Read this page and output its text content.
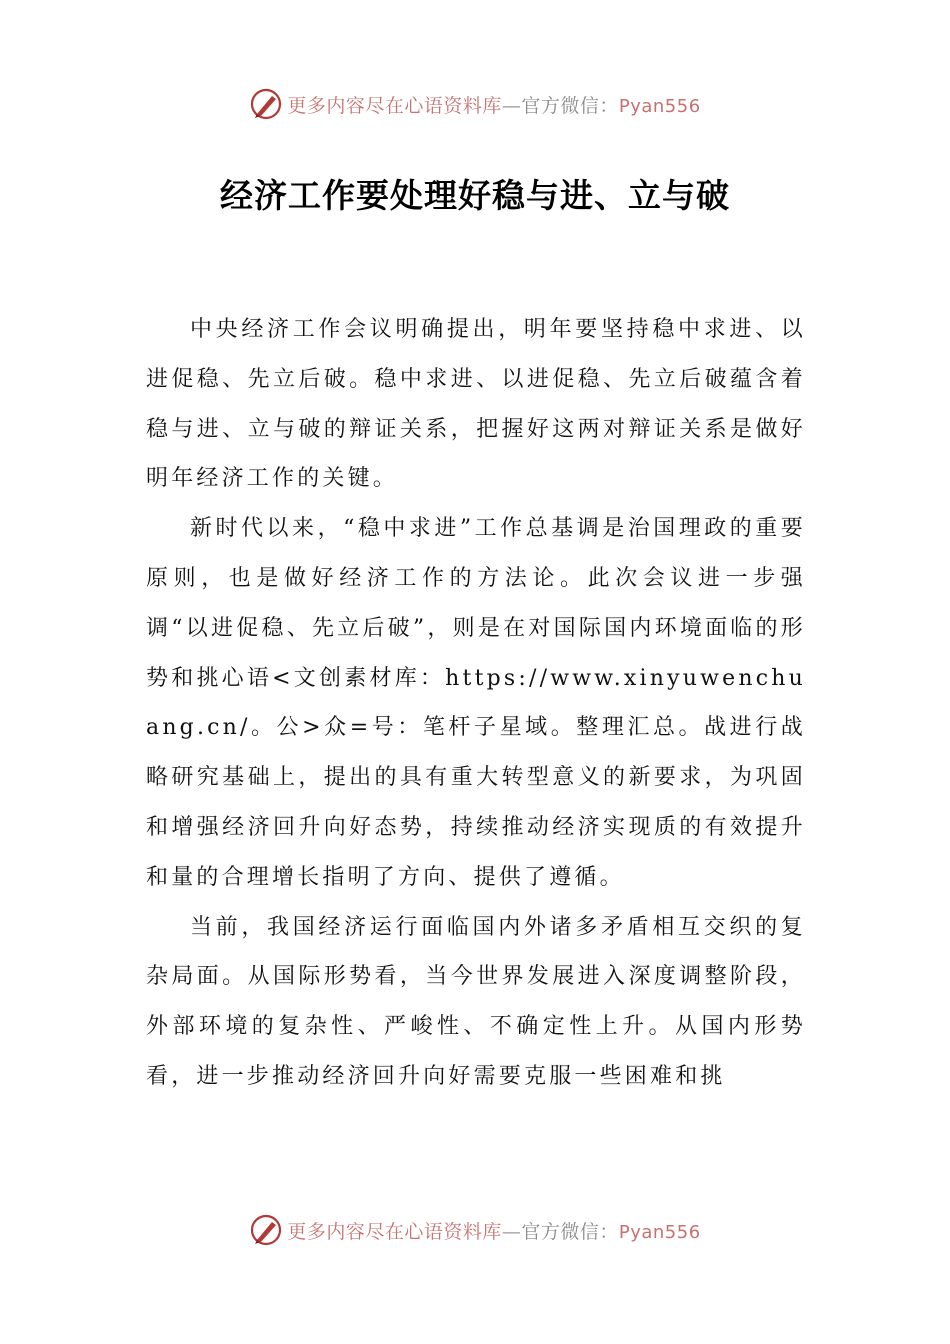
更多内容尽在心语资料库—官方微信：Pyan556
经济工作要处理好稳与进、立与破

中央经济工作会议明确提出，明年要坚持稳中求进、以进促稳、先立后破。稳中求进、以进促稳、先立后破蕴含着稳与进、立与破的辩证关系，把握好这两对辩证关系是做好明年经济工作的关键。

新时代以来，“稳中求进”工作总基调是治国理政的重要原则，也是做好经济工作的方法论。此次会议进一步强调“以进促稳、先立后破”，则是在对国际国内环境面临的形势和挑心语<文创素材库：https://www.xinyuwenchuang.cn/。公>众=号：笔杆子星域。整理汇总。战进行战略研究基础上，提出的具有重大转型意义的新要求，为巩固和增强经济回升向好态势，持续推动经济实现质的有效提升和量的合理增长指明了方向、提供了遵循。

当前，我国经济运行面临国内外诸多矛盾相互交织的复杂局面。从国际形势看，当今世界发展进入深度调整阶段，外部环境的复杂性、严峻性、不确定性上升。从国内形势看，进一步推动经济回升向好需要克服一些困难和挑

更多内容尽在心语资料库—官方微信：Pyan556
